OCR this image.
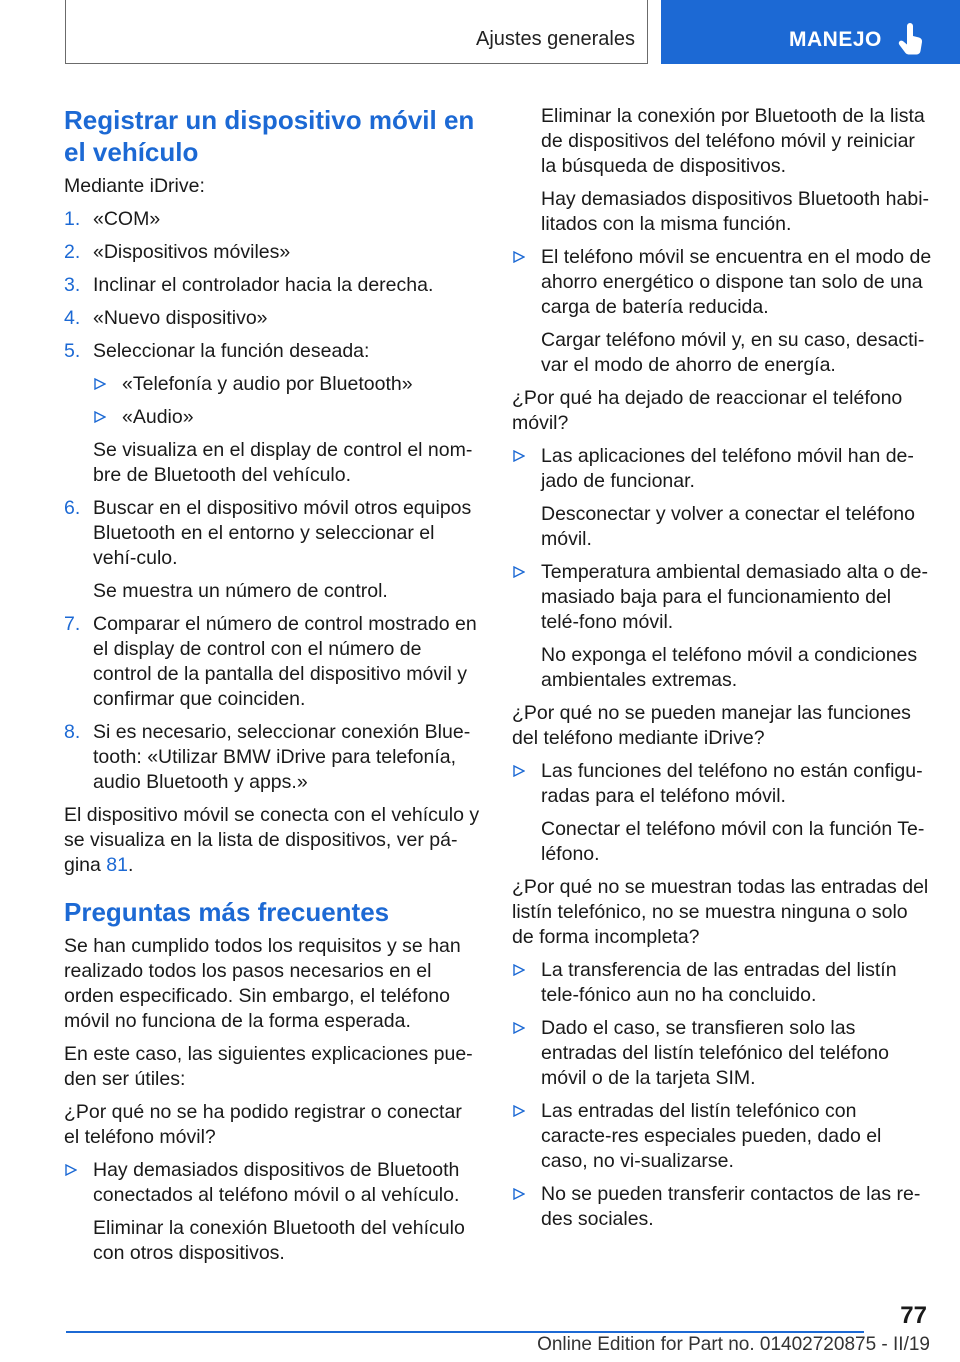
Ajustes generales	MANEJO
Registrar un dispositivo móvil en el vehículo

Mediante iDrive:

1. «COM»
2. «Dispositivos móviles»
3. Inclinar el controlador hacia la derecha.
4. «Nuevo dispositivo»
5. Seleccionar la función deseada:
«Telefonía y audio por Bluetooth»
«Audio»

Se visualiza en el display de control el nom-bre de Bluetooth del vehículo.

6. Buscar en el dispositivo móvil otros equipos Bluetooth en el entorno y seleccionar el vehí-culo.

Se muestra un número de control.

7. Comparar el número de control mostrado en el display de control con el número de control de la pantalla del dispositivo móvil y confirmar que coinciden.
8. Si es necesario, seleccionar conexión Blue-tooth: «Utilizar BMW iDrive para telefonía, audio Bluetooth y apps.»

El dispositivo móvil se conecta con el vehículo y se visualiza en la lista de dispositivos, ver pá-gina 81.

Preguntas más frecuentes

Se han cumplido todos los requisitos y se han realizado todos los pasos necesarios en el orden especificado. Sin embargo, el teléfono móvil no funciona de la forma esperada.

En este caso, las siguientes explicaciones pue-den ser útiles:

¿Por qué no se ha podido registrar o conectar el teléfono móvil?

Hay demasiados dispositivos de Bluetooth conectados al teléfono móvil o al vehículo.

Eliminar la conexión Bluetooth del vehículo con otros dispositivos.

Eliminar la conexión por Bluetooth de la lista de dispositivos del teléfono móvil y reiniciar la búsqueda de dispositivos.

Hay demasiados dispositivos Bluetooth habi-litados con la misma función.

El teléfono móvil se encuentra en el modo de ahorro energético o dispone tan solo de una carga de batería reducida.

Cargar teléfono móvil y, en su caso, desacti-var el modo de ahorro de energía.

¿Por qué ha dejado de reaccionar el teléfono móvil?

Las aplicaciones del teléfono móvil han de-jado de funcionar.

Desconectar y volver a conectar el teléfono móvil.

Temperatura ambiental demasiado alta o de-masiado baja para el funcionamiento del telé-fono móvil.

No exponga el teléfono móvil a condiciones ambientales extremas.

¿Por qué no se pueden manejar las funciones del teléfono mediante iDrive?

Las funciones del teléfono no están configu-radas para el teléfono móvil.

Conectar el teléfono móvil con la función Te-léfono.

¿Por qué no se muestran todas las entradas del listín telefónico, no se muestra ninguna o solo de forma incompleta?

La transferencia de las entradas del listín tele-fónico aun no ha concluido.

Dado el caso, se transfieren solo las entradas del listín telefónico del teléfono móvil o de la tarjeta SIM.

Las entradas del listín telefónico con caracte-res especiales pueden, dado el caso, no vi-sualizarse.

No se pueden transferir contactos de las re-des sociales.

77
Online Edition for Part no. 01402720875 - II/19
